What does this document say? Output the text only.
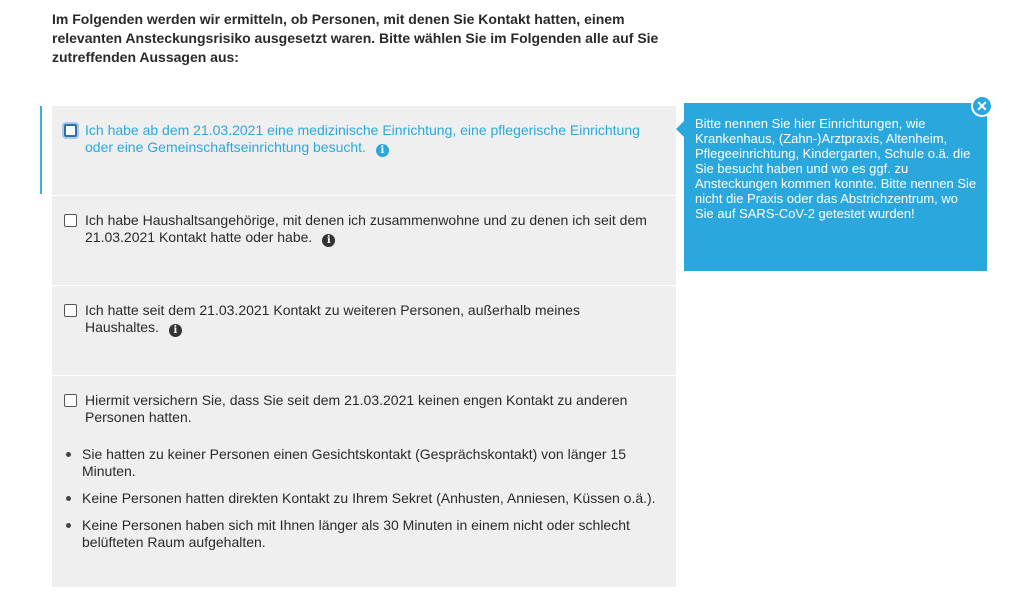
Im Folgenden werden wir ermitteln, ob Personen, mit denen Sie Kontakt hatten, einem relevanten Ansteckungsrisiko ausgesetzt waren. Bitte wählen Sie im Folgenden alle auf Sie zutreffenden Aussagen aus:
Ich habe ab dem 21.03.2021 eine medizinische Einrichtung, eine pflegerische Einrichtung oder eine Gemeinschaftseinrichtung besucht. i
Ich habe Haushaltsangehörige, mit denen ich zusammenwohne und zu denen ich seit dem 21.03.2021 Kontakt hatte oder habe. i
Ich hatte seit dem 21.03.2021 Kontakt zu weiteren Personen, außerhalb meines Haushaltes. i
Hiermit versichern Sie, dass Sie seit dem 21.03.2021 keinen engen Kontakt zu anderen Personen hatten.
Sie hatten zu keiner Personen einen Gesichtskontakt (Gesprächskontakt) von länger 15 Minuten.
Keine Personen hatten direkten Kontakt zu Ihrem Sekret (Anhusten, Anniesen, Küssen o.ä.).
Keine Personen haben sich mit Ihnen länger als 30 Minuten in einem nicht oder schlecht belüfteten Raum aufgehalten.
Bitte nennen Sie hier Einrichtungen, wie Krankenhaus, (Zahn-)Arztpraxis, Altenheim, Pflegeeinrichtung, Kindergarten, Schule o.ä. die Sie besucht haben und wo es ggf. zu Ansteckungen kommen konnte. Bitte nennen Sie nicht die Praxis oder das Abstrichzentrum, wo Sie auf SARS-CoV-2 getestet wurden!
✕
